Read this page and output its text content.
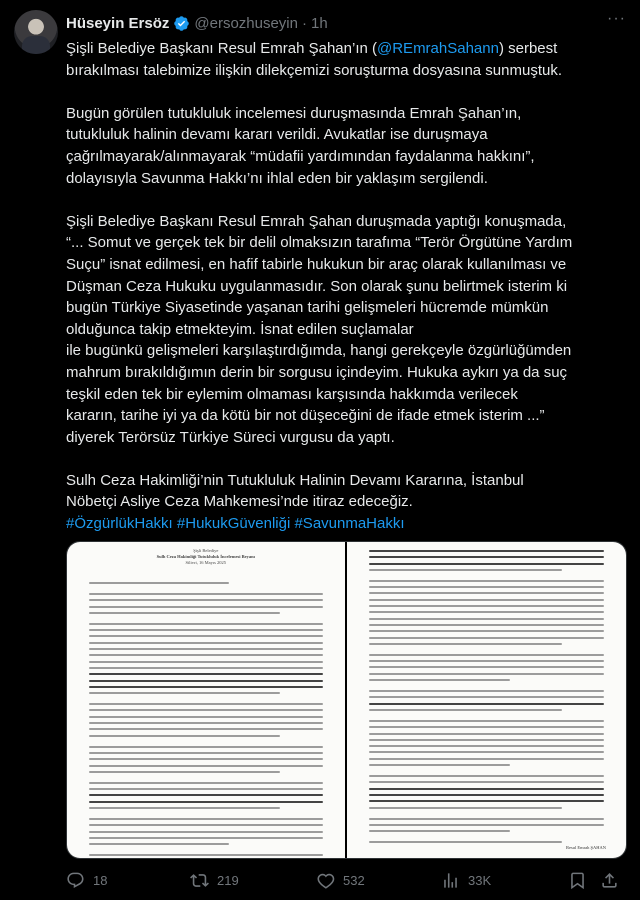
Hüseyin Ersöz @ersozhuseyin · 1h	···

Şişli Belediye Başkanı Resul Emrah Şahan’ın (@REmrahSahann) serbest
bırakılması talebimize ilişkin dilekçemizi soruşturma dosyasına sunmuştuk.

Bugün görülen tutukluluk incelemesi duruşmasında Emrah Şahan’ın,
tutukluluk halinin devamı kararı verildi. Avukatlar ise duruşmaya
çağrılmayarak/alınmayarak “müdafii yardımından faydalanma hakkını”,
dolayısıyla Savunma Hakkı’nı ihlal eden bir yaklaşım sergilendi.

Şişli Belediye Başkanı Resul Emrah Şahan duruşmada yaptığı konuşmada,
“... Somut ve gerçek tek bir delil olmaksızın tarafıma “Terör Örgütüne Yardım
Suçu” isnat edilmesi, en hafif tabirle hukukun bir araç olarak kullanılması ve
Düşman Ceza Hukuku uygulanmasıdır. Son olarak şunu belirtmek isterim ki
bugün Türkiye Siyasetinde yaşanan tarihi gelişmeleri hücremde mümkün
olduğunca takip etmekteyim. İsnat edilen suçlamalar
ile bugünkü gelişmeleri karşılaştırdığımda, hangi gerekçeyle özgürlüğümden
mahrum bırakıldığımın derin bir sorgusu içindeyim. Hukuka aykırı ya da suç
teşkil eden tek bir eylemim olmaması karşısında hakkımda verilecek
kararın, tarihe iyi ya da kötü bir not düşeceğini de ifade etmek isterim ...”
diyerek Terörsüz Türkiye Süreci vurgusu da yaptı.

Sulh Ceza Hakimliği’nin Tutukluluk Halinin Devamı Kararına, İstanbul
Nöbetçi Asliye Ceza Mahkemesi’nde itiraz edeceğiz.
#ÖzgürlükHakkı #HukukGüvenliği #SavunmaHakkı

Şişli Belediye
Sulh Ceza Hakimliği Tutukluluk İncelemesi Beyanı
Silivri, 16 Mayıs 2025
Resul Emrah ŞAHAN
18	219	532	33K
